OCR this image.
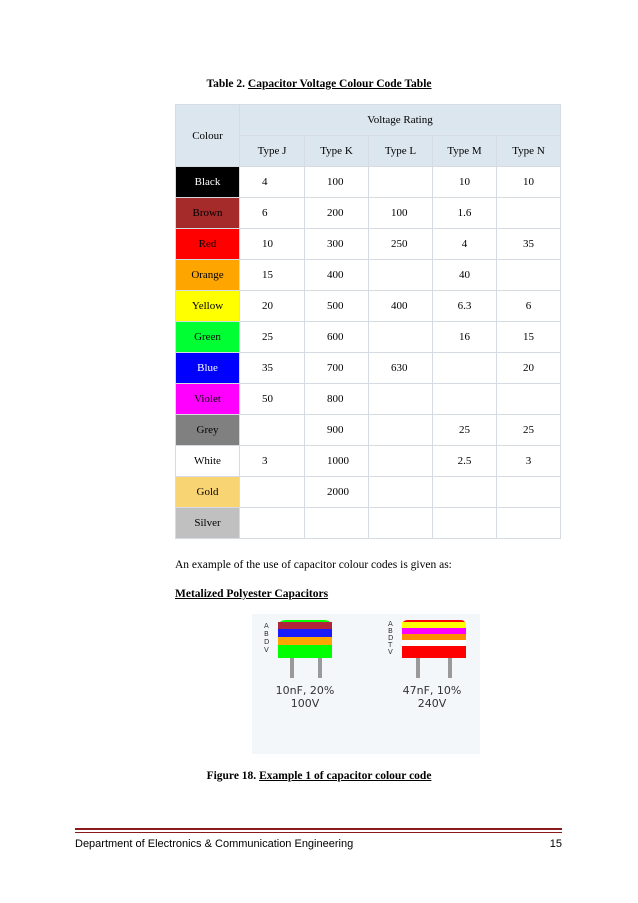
Table 2. Capacitor Voltage Colour Code Table
Colour	Voltage Rating				
	Type J	Type K	Type L	Type M	Type N
Black	4	100		10	10
Brown	6	200	100	1.6	
Red	10	300	250	4	35
Orange	15	400		40	
Yellow	20	500	400	6.3	6
Green	25	600		16	15
Blue	35	700	630		20
Violet	50	800			
Grey		900		25	25
White	3	1000		2.5	3
Gold		2000			
Silver					
An example of the use of capacitor colour codes is given as:
Metalized Polyester Capacitors
A
B
D
V
10nF, 20%
100V
A
B
D
T
V
47nF, 10%
240V
Figure 18. Example 1 of capacitor colour code
Department of Electronics & Communication Engineering	15
